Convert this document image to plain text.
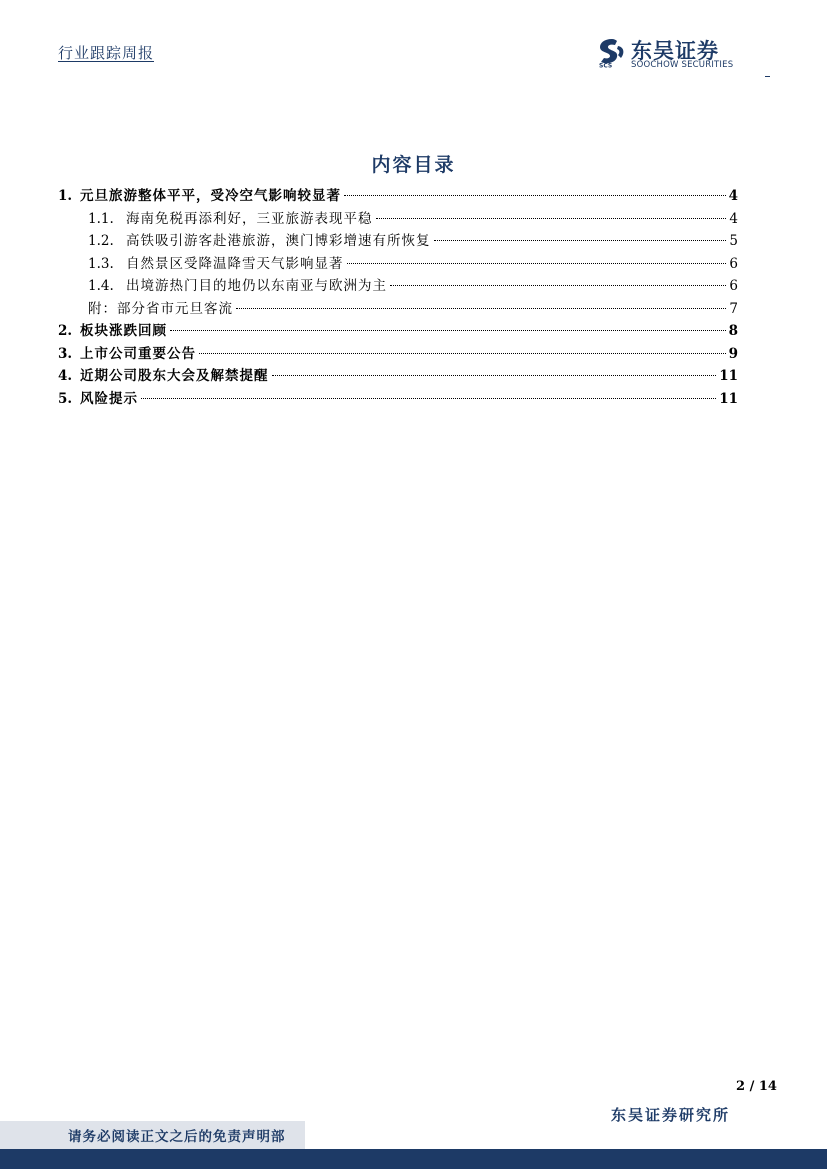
行业跟踪周报
SCS
东吴证券
SOOCHOW SECURITIES
内容目录
1. 元旦旅游整体平平，受冷空气影响较显著	4
1.1. 海南免税再添利好，三亚旅游表现平稳	4
1.2. 高铁吸引游客赴港旅游，澳门博彩增速有所恢复	5
1.3. 自然景区受降温降雪天气影响显著	6
1.4. 出境游热门目的地仍以东南亚与欧洲为主	6
附：部分省市元旦客流	7
2. 板块涨跌回顾	8
3. 上市公司重要公告	9
4. 近期公司股东大会及解禁提醒	11
5. 风险提示	11
2 / 14
东吴证券研究所
请务必阅读正文之后的免责声明部
